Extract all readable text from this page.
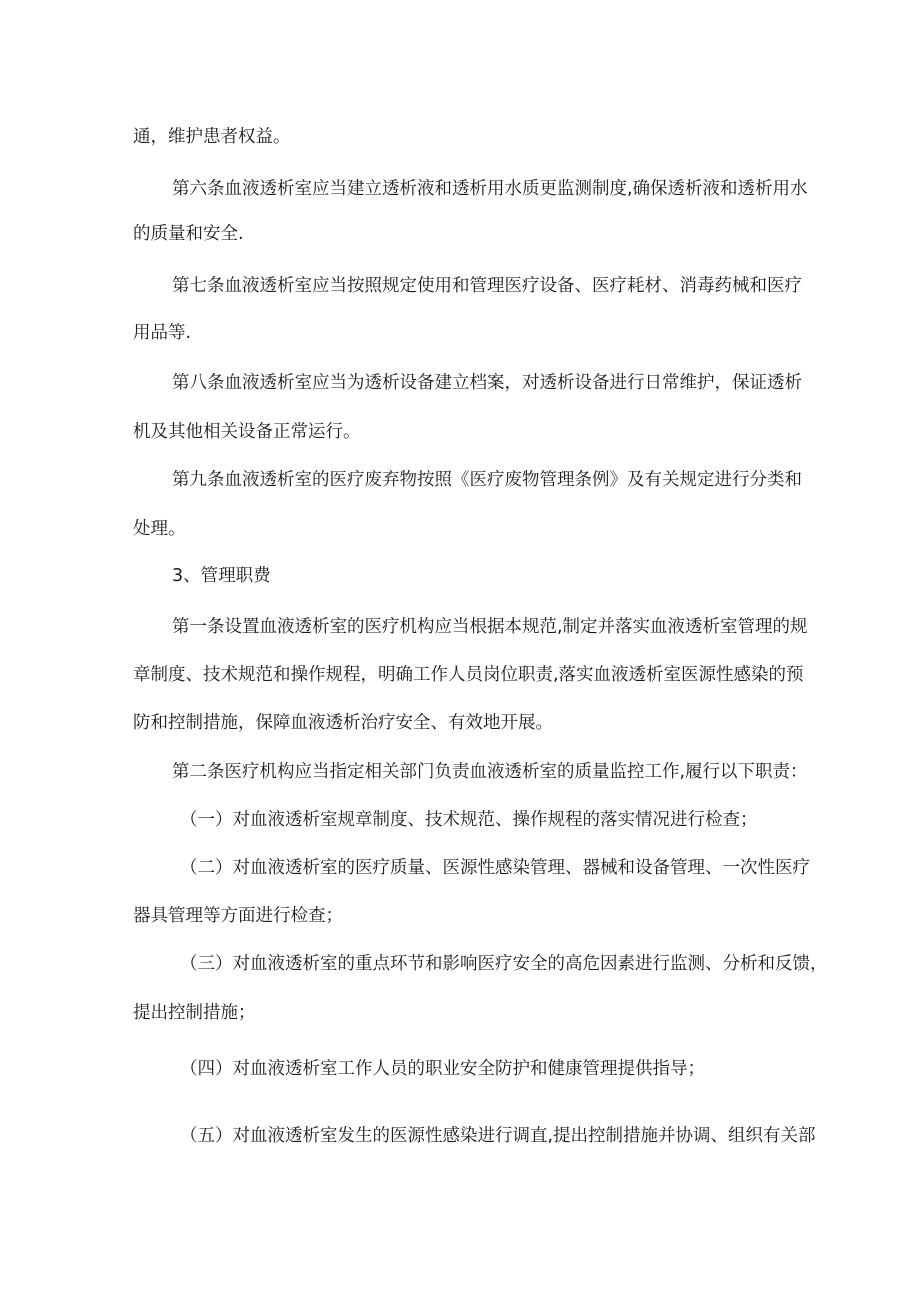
通，维护患者权益。
第六条血液透析室应当建立透析液和透析用水质更监测制度,确保透析液和透析用水
的质量和安全.
第七条血液透析室应当按照规定使用和管理医疗设备、医疗耗材、消毒药械和医疗
用品等.
第八条血液透析室应当为透析设备建立档案，对透析设备进行日常维护，保证透析
机及其他相关设备正常运行。
第九条血液透析室的医疗废弃物按照《医疗废物管理条例》及有关规定进行分类和
处理。
3、管理职费
第一条设置血液透析室的医疗机构应当根据本规范,制定并落实血液透析室管理的规
章制度、技术规范和操作规程，明确工作人员岗位职责,落实血液透析室医源性感染的预
防和控制措施，保障血液透析治疗安全、有效地开展。
第二条医疗机构应当指定相关部门负责血液透析室的质量监控工作,履行以下职责：
（一）对血液透析室规章制度、技术规范、操作规程的落实情况进行检查；
（二）对血液透析室的医疗质量、医源性感染管理、器械和设备管理、一次性医疗
器具管理等方面进行检查；
（三）对血液透析室的重点环节和影响医疗安全的高危因素进行监测、分析和反馈，
提出控制措施；
（四）对血液透析室工作人员的职业安全防护和健康管理提供指导；
（五）对血液透析室发生的医源性感染进行调直,提出控制措施并协调、组织有关部
